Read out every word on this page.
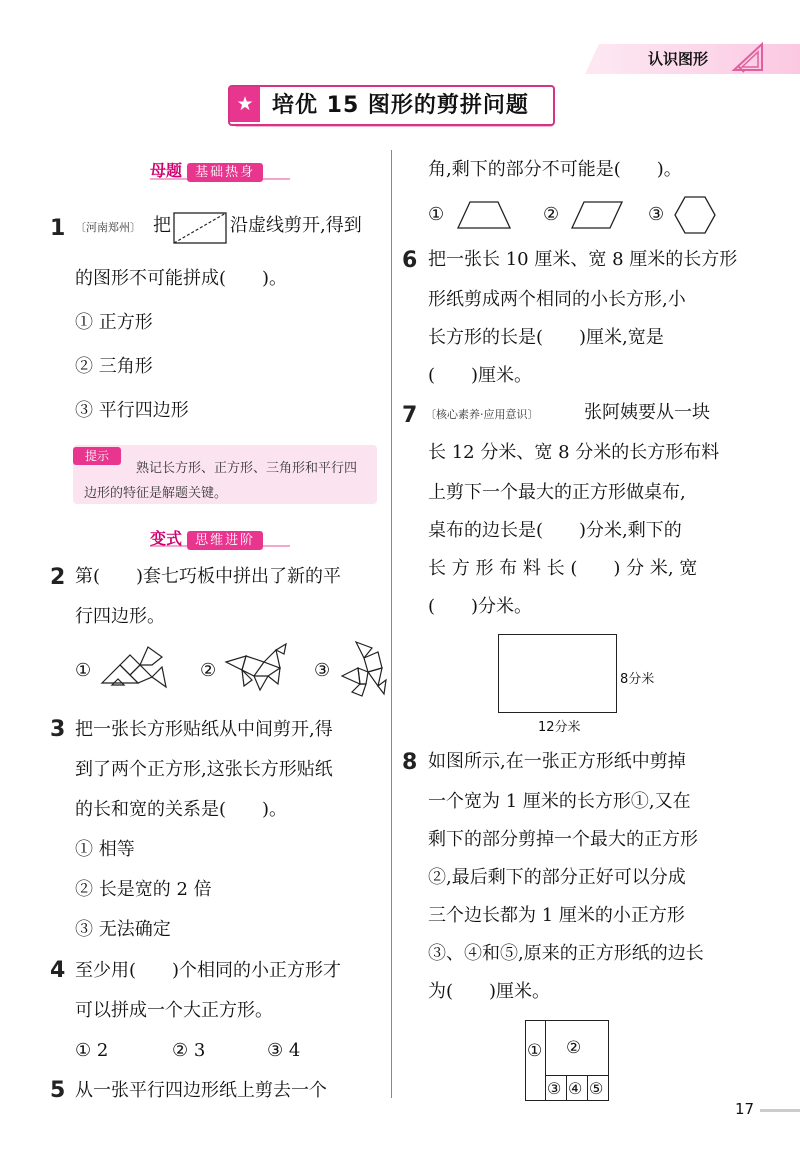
认识图形
★ 培优 15 图形的剪拼问题
母题 基础热身
1 〔河南郑州〕 把	沿虚线剪开,得到
的图形不可能拼成(　　)。
① 正方形
② 三角形
③ 平行四边形
提示
熟记长方形、正方形、三角形和平行四
边形的特征是解题关键。
变式 思维进阶
2 第(　　)套七巧板中拼出了新的平
行四边形。
①	②	③
3 把一张长方形贴纸从中间剪开,得
到了两个正方形,这张长方形贴纸
的长和宽的关系是(　　)。
① 相等
② 长是宽的 2 倍
③ 无法确定
4 至少用(　　)个相同的小正方形才
可以拼成一个大正方形。
① 2	② 3	③ 4
5 从一张平行四边形纸上剪去一个
角,剩下的部分不可能是(　　)。
①	②	③
6 把一张长 10 厘米、宽 8 厘米的长方形
形纸剪成两个相同的小长方形,小
长方形的长是(　　)厘米,宽是
(　　)厘米。
7 〔核心素养·应用意识〕	张阿姨要从一块
长 12 分米、宽 8 分米的长方形布料
上剪下一个最大的正方形做桌布,
桌布的边长是(　　)分米,剩下的
长 方 形 布 料 长 (　　) 分 米, 宽
(　　)分米。
8分米
12分米
8 如图所示,在一张正方形纸中剪掉
一个宽为 1 厘米的长方形①,又在
剩下的部分剪掉一个最大的正方形
②,最后剩下的部分正好可以分成
三个边长都为 1 厘米的小正方形
③、④和⑤,原来的正方形纸的边长
为(　　)厘米。
① ②
③ ④ ⑤
17
